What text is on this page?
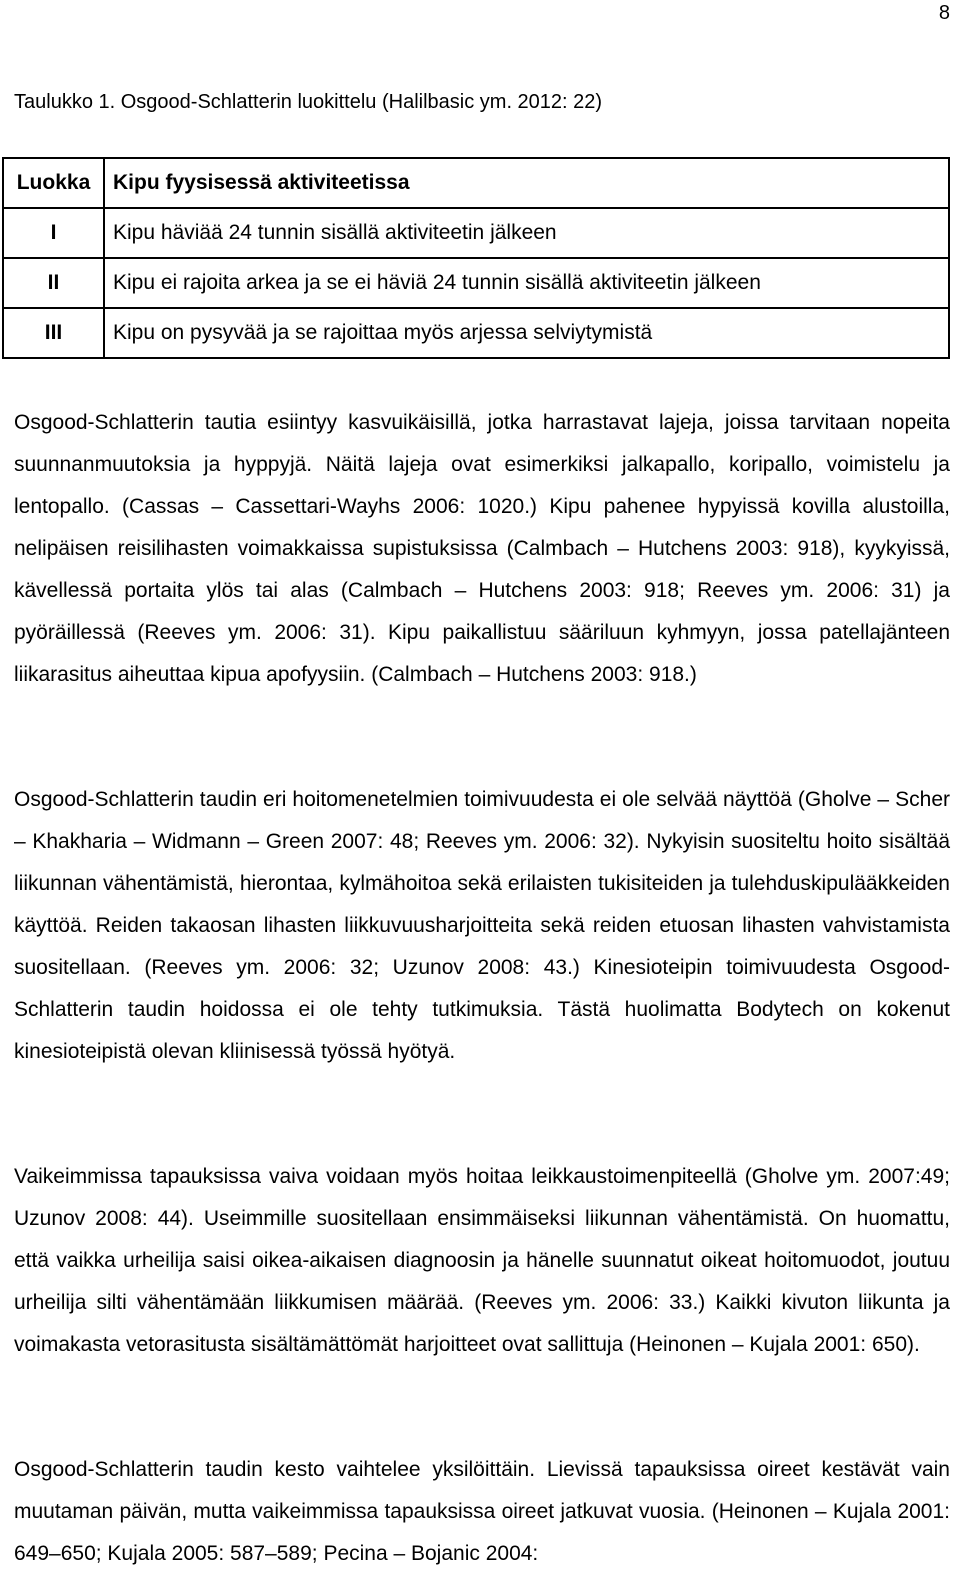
8
Taulukko 1. Osgood-Schlatterin luokittelu (Halilbasic ym. 2012: 22)
Luokka	Kipu fyysisessä aktiviteetissa
I	Kipu häviää 24 tunnin sisällä aktiviteetin jälkeen
II	Kipu ei rajoita arkea ja se ei häviä 24 tunnin sisällä aktiviteetin jälkeen
III	Kipu on pysyvää ja se rajoittaa myös arjessa selviytymistä

Osgood-Schlatterin tautia esiintyy kasvuikäisillä, jotka harrastavat lajeja, joissa tarvitaan nopeita suunnanmuutoksia ja hyppyjä. Näitä lajeja ovat esimerkiksi jalkapallo, koripallo, voimistelu ja lentopallo. (Cassas – Cassettari-Wayhs 2006: 1020.) Kipu pahenee hypyissä kovilla alustoilla, nelipäisen reisilihasten voimakkaissa supistuksissa (Calmbach – Hutchens 2003: 918), kyykyissä, kävellessä portaita ylös tai alas (Calmbach – Hutchens 2003: 918; Reeves ym. 2006: 31) ja pyöräillessä (Reeves ym. 2006: 31). Kipu paikallistuu sääriluun kyhmyyn, jossa patellajänteen liikarasitus aiheuttaa kipua apofyysiin. (Calmbach – Hutchens 2003: 918.)

Osgood-Schlatterin taudin eri hoitomenetelmien toimivuudesta ei ole selvää näyttöä (Gholve – Scher – Khakharia – Widmann – Green 2007: 48; Reeves ym. 2006: 32). Nykyisin suositeltu hoito sisältää liikunnan vähentämistä, hierontaa, kylmähoitoa sekä erilaisten tukisiteiden ja tulehduskipulääkkeiden käyttöä. Reiden takaosan lihasten liikkuvuusharjoitteita sekä reiden etuosan lihasten vahvistamista suositellaan. (Reeves ym. 2006: 32; Uzunov 2008: 43.) Kinesioteipin toimivuudesta Osgood-Schlatterin taudin hoidossa ei ole tehty tutkimuksia. Tästä huolimatta Bodytech on kokenut kinesioteipistä olevan kliinisessä työssä hyötyä.

Vaikeimmissa tapauksissa vaiva voidaan myös hoitaa leikkaustoimenpiteellä (Gholve ym. 2007:49; Uzunov 2008: 44). Useimmille suositellaan ensimmäiseksi liikunnan vähentämistä. On huomattu, että vaikka urheilija saisi oikea-aikaisen diagnoosin ja hänelle suunnatut oikeat hoitomuodot, joutuu urheilija silti vähentämään liikkumisen määrää. (Reeves ym. 2006: 33.) Kaikki kivuton liikunta ja voimakasta vetorasitusta sisältämättömät harjoitteet ovat sallittuja (Heinonen – Kujala 2001: 650).

Osgood-Schlatterin taudin kesto vaihtelee yksilöittäin. Lievissä tapauksissa oireet kestävät vain muutaman päivän, mutta vaikeimmissa tapauksissa oireet jatkuvat vuosia. (Heinonen – Kujala 2001: 649–650; Kujala 2005: 587–589; Pecina – Bojanic 2004:
